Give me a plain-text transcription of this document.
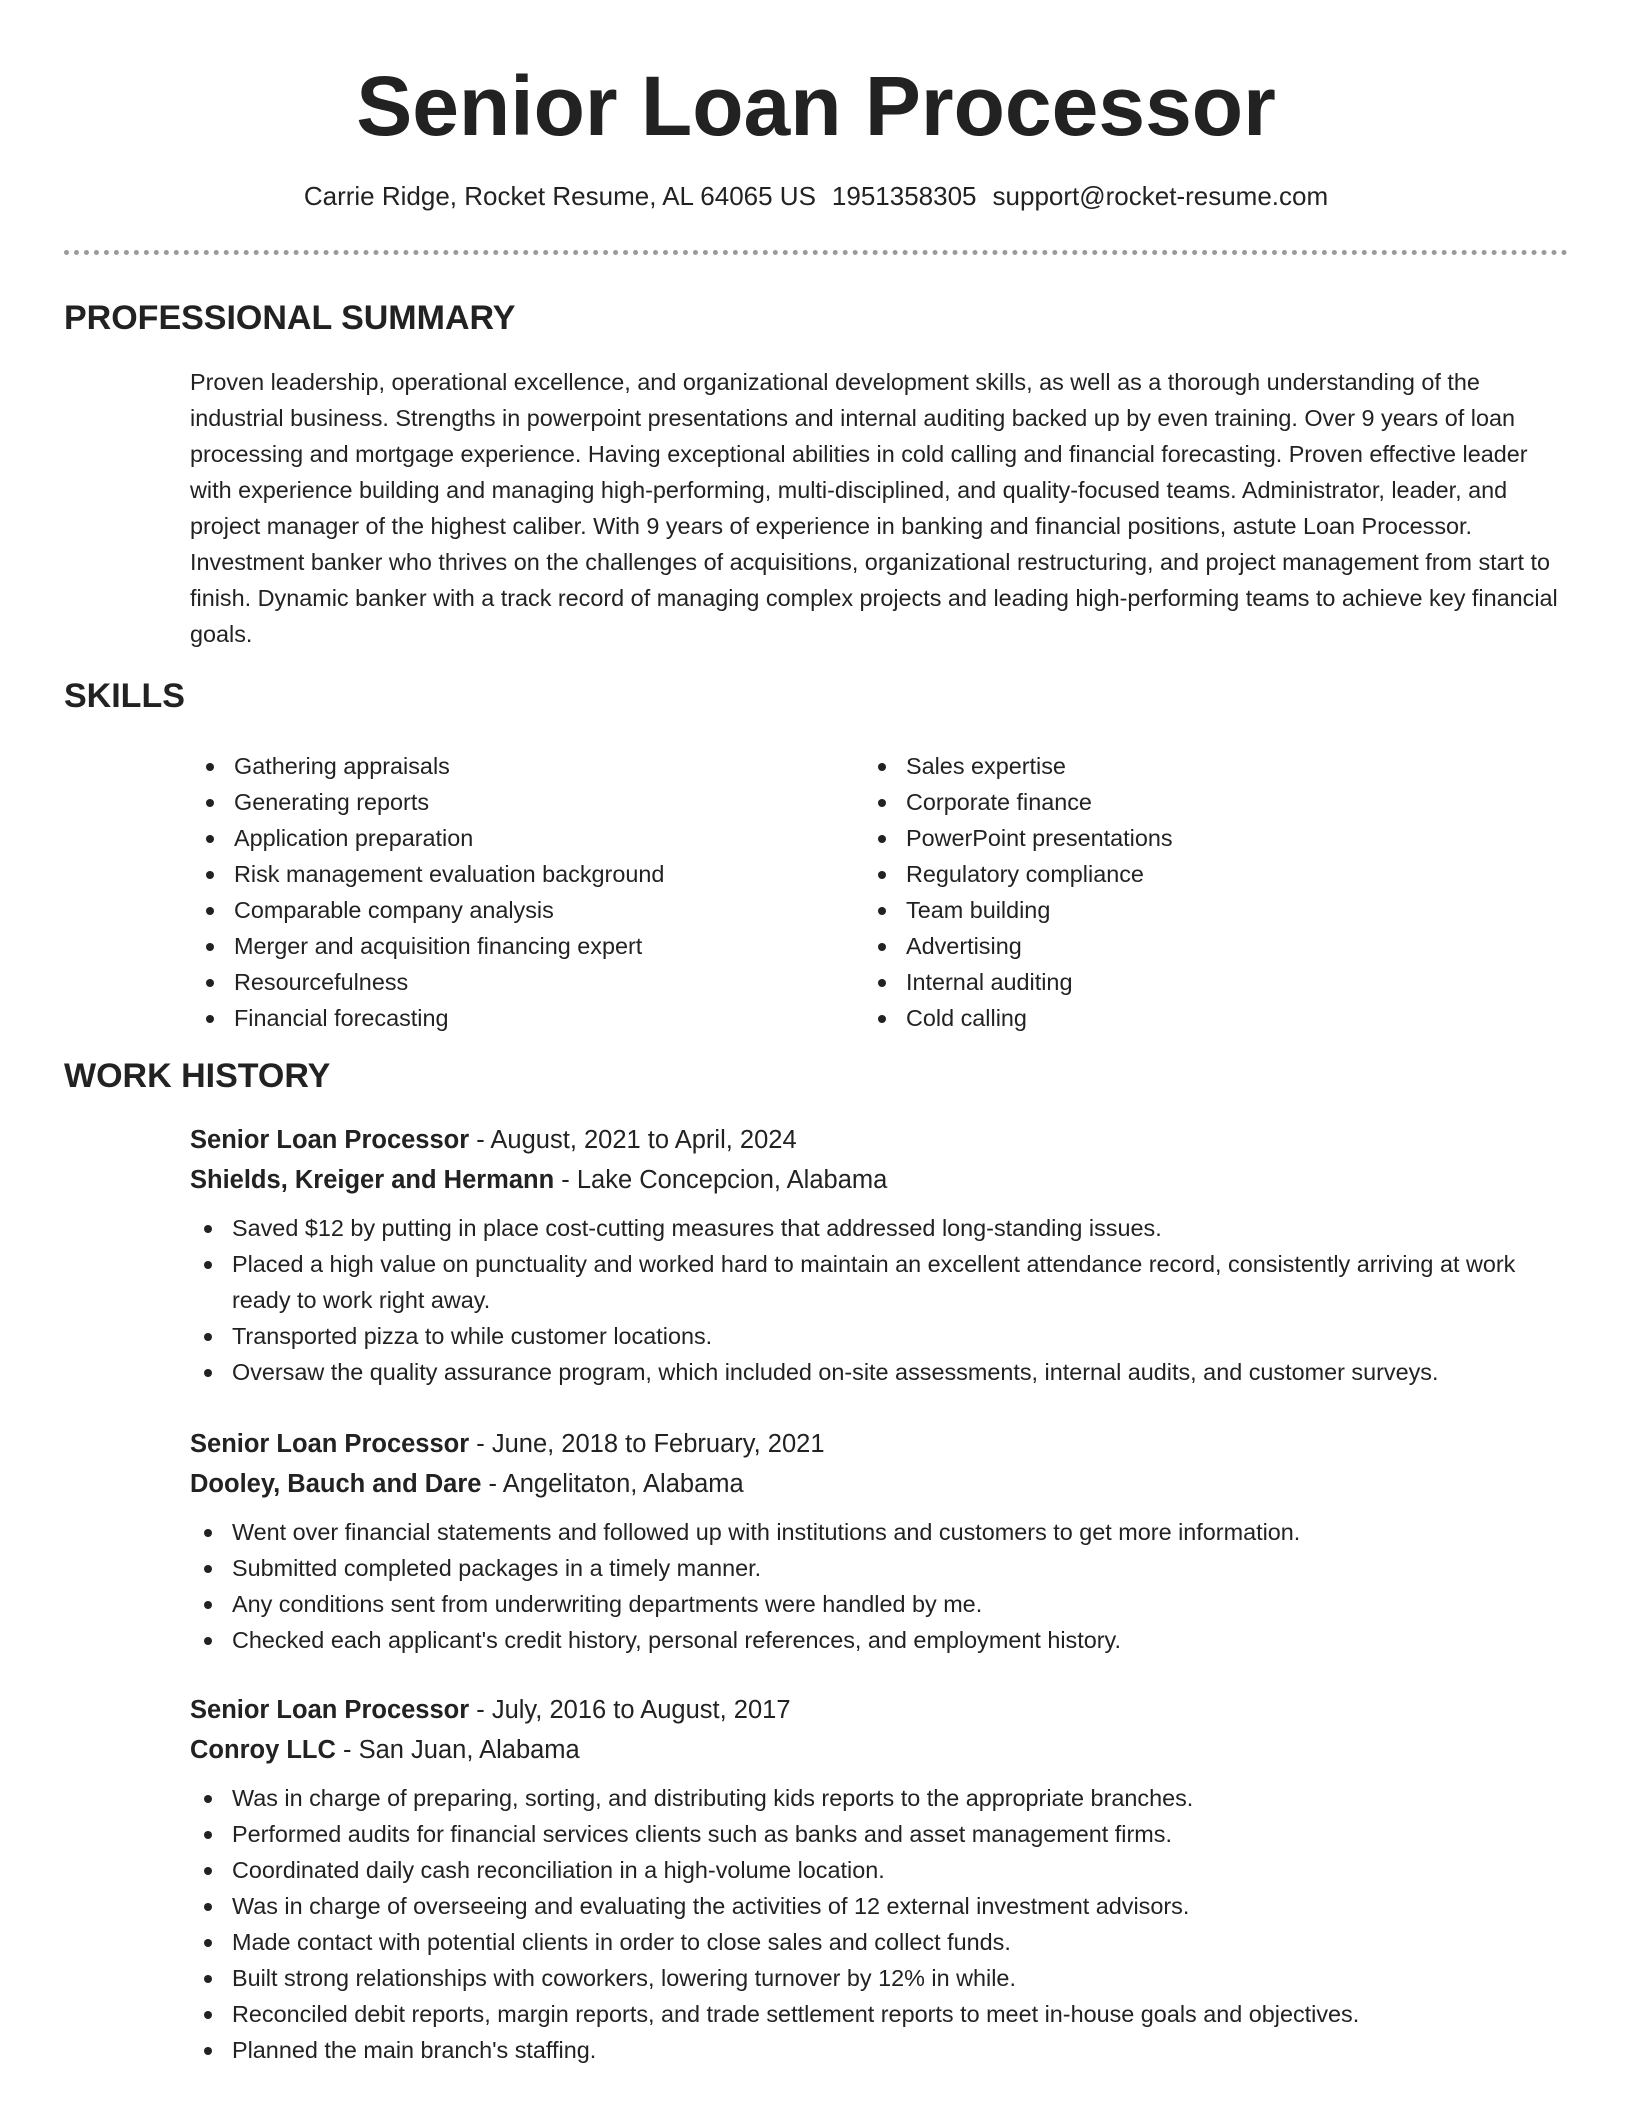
Senior Loan Processor
Carrie Ridge, Rocket Resume, AL 64065 US 1951358305 support@rocket-resume.com
PROFESSIONAL SUMMARY

Proven leadership, operational excellence, and organizational development skills, as well as a thorough understanding of the industrial business. Strengths in powerpoint presentations and internal auditing backed up by even training. Over 9 years of loan processing and mortgage experience. Having exceptional abilities in cold calling and financial forecasting. Proven effective leader with experience building and managing high-performing, multi-disciplined, and quality-focused teams. Administrator, leader, and project manager of the highest caliber. With 9 years of experience in banking and financial positions, astute Loan Processor. Investment banker who thrives on the challenges of acquisitions, organizational restructuring, and project management from start to finish. Dynamic banker with a track record of managing complex projects and leading high-performing teams to achieve key financial goals.

SKILLS
Gathering appraisals
Generating reports
Application preparation
Risk management evaluation background
Comparable company analysis
Merger and acquisition financing expert
Resourcefulness
Financial forecasting
Sales expertise
Corporate finance
PowerPoint presentations
Regulatory compliance
Team building
Advertising
Internal auditing
Cold calling
WORK HISTORY
Senior Loan Processor - August, 2021 to April, 2024
Shields, Kreiger and Hermann - Lake Concepcion, Alabama
Saved $12 by putting in place cost-cutting measures that addressed long-standing issues.
Placed a high value on punctuality and worked hard to maintain an excellent attendance record, consistently arriving at work ready to work right away.
Transported pizza to while customer locations.
Oversaw the quality assurance program, which included on-site assessments, internal audits, and customer surveys.
Senior Loan Processor - June, 2018 to February, 2021
Dooley, Bauch and Dare - Angelitaton, Alabama
Went over financial statements and followed up with institutions and customers to get more information.
Submitted completed packages in a timely manner.
Any conditions sent from underwriting departments were handled by me.
Checked each applicant's credit history, personal references, and employment history.
Senior Loan Processor - July, 2016 to August, 2017
Conroy LLC - San Juan, Alabama
Was in charge of preparing, sorting, and distributing kids reports to the appropriate branches.
Performed audits for financial services clients such as banks and asset management firms.
Coordinated daily cash reconciliation in a high-volume location.
Was in charge of overseeing and evaluating the activities of 12 external investment advisors.
Made contact with potential clients in order to close sales and collect funds.
Built strong relationships with coworkers, lowering turnover by 12% in while.
Reconciled debit reports, margin reports, and trade settlement reports to meet in-house goals and objectives.
Planned the main branch's staffing.
